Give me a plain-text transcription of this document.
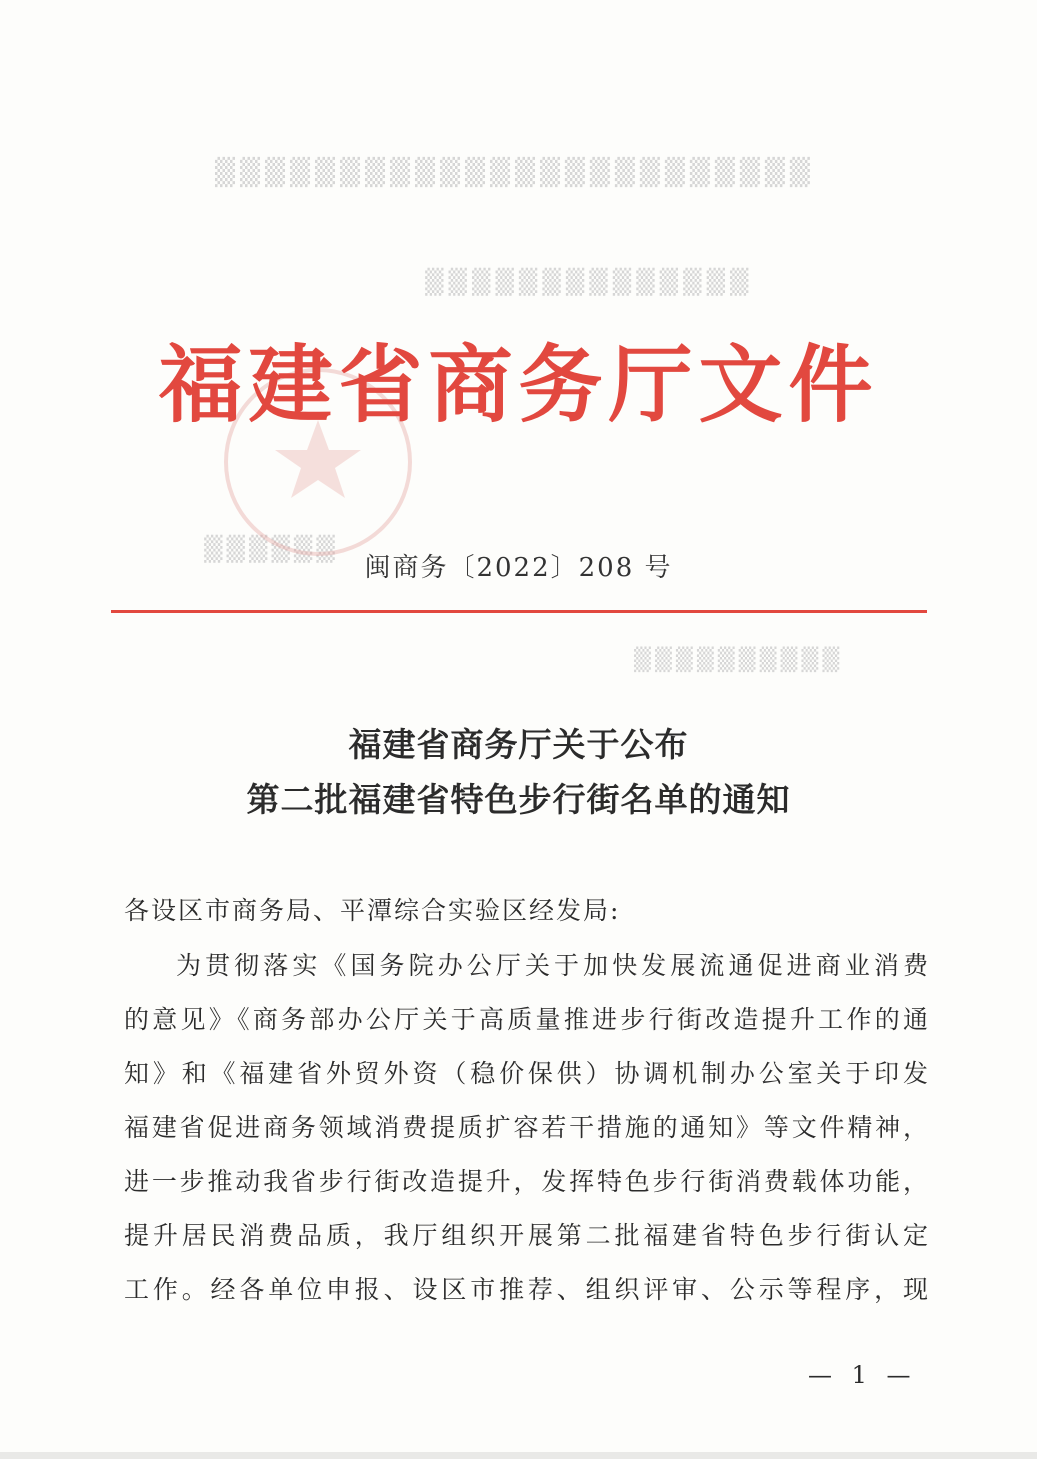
▒▒▒▒▒▒▒▒▒▒▒▒▒▒▒▒▒▒▒▒▒▒▒▒
▒▒▒▒▒▒▒▒▒▒▒▒▒▒
▒▒▒▒▒▒
▒▒▒▒▒▒▒▒▒▒
福建省商务厅文件
闽商务〔2022〕208 号
福建省商务厅关于公布
第二批福建省特色步行街名单的通知
各设区市商务局、平潭综合实验区经发局:
为贯彻落实《国务院办公厅关于加快发展流通促进商业消费
的意见》《商务部办公厅关于高质量推进步行街改造提升工作的通
知》和《福建省外贸外资（稳价保供）协调机制办公室关于印发
福建省促进商务领域消费提质扩容若干措施的通知》等文件精神，
进一步推动我省步行街改造提升，发挥特色步行街消费载体功能，
提升居民消费品质，我厅组织开展第二批福建省特色步行街认定
工作。经各单位申报、设区市推荐、组织评审、公示等程序，现
— 1 —
